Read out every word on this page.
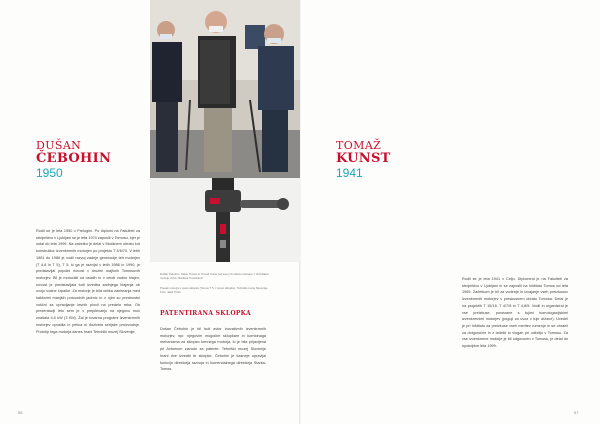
DUŠAN
ČEBOHIN
1950
Rodil se je leta 1950 v Prelogini. Po diplomi na Fakulteti za strojništvo v Ljubljani se je leta 1974 zaposlil v Tomosu, kjer je ostal do leta 1999. Na začetku je delal v Močilnem obratu kot konstruktor izvenkrmnih motorjev po projektu T 4/6/70. V letih 1981 do 1986 je vodil razvoj zadnje generacije teh motorjev (T 4,8 in T 5), T 5, ki ga je razvijal v letih 1986 in 1990, je predstavljal popolni novost v družini majhnih Tomosovih motorjev. Bil je motocikli od ostalih in v celoti vodno hlajen, novost je predstavljala tudi izvedba zadnjega hlajenja ob ovoju vodne črpalke. Za motorje je bila velika zanimanja med kakšnimi manjših potovalnih jadrnic in z njim so prednostni voščni za upravljanje lesnih plovil na predelu reka. Ob prezentaciji leto sem je v prepilevanju na njegovo moč znašala 4,6 kW (3 KM). Žal je tovarna programi izvenkrmnih motorjev opustila in petica ni doživela serijske proizvodnje. Prototip tega motorja danes hrani Tehniški muzej Slovenije.
Dušan Čebohin, Stane Toman in Tomaž Kunst (od leve) ob obisku razstave v Tehniškem muzeju. Arhiv: Barbara Trobobanić
Presek motorja s vpeto sklopko (Tomos T 5, z vpeto sklopko). Tehniški muzej Slovenije. Foto: Jaka Trček
PATENTIRANA SKLOPKA
Dušan Čebohin je bil tudi avtor inovativnih izvenkrmnih motorjev, npr. njegovim mogočim sklopkam in kombinaga mehanizma za sklopko krmnega motorja, ki je bila prijavljena pri Avtomom zavodu za patente. Tehniški muzej Slovenije hrani dve izvedbi te sklopke. Čebohin je kasneje opravljal funkcijo direktorja razvoja in komercialnega direktorja StantaTomos.
TOMAŽ
KUNST
1941
Rodil se je leta 1941 v Celju. Diplomiral je na Fakulteti za strojništvo v Ljubljani in se zaposlil na Inštitutu Tomos od leta 1965. Začetkom je bil za vodenje in izvajanje vseh preizkusov izvenkrmnih motorjev v preskusnem obratu Tomosa. Delal je na projektih T 15/18, T 4/7/8 in T 4,8/5. Vodil in organiziral je vse preizkuse, povezane s tujimi homologacijskimi izvenkrmnimi motorjev (pogoji za uvoz v tuje države). Uvedel je pri Inštitutu za preizkuse vseh meritev rumenje in se ohranil za dolgoročne in z izdelki in vlogah pri odkritju v Tomosu. Za vse izvenkrmne motorje je bil odgovoren v Tomosu, je delal do upokojitve leta 1999.
56	57
